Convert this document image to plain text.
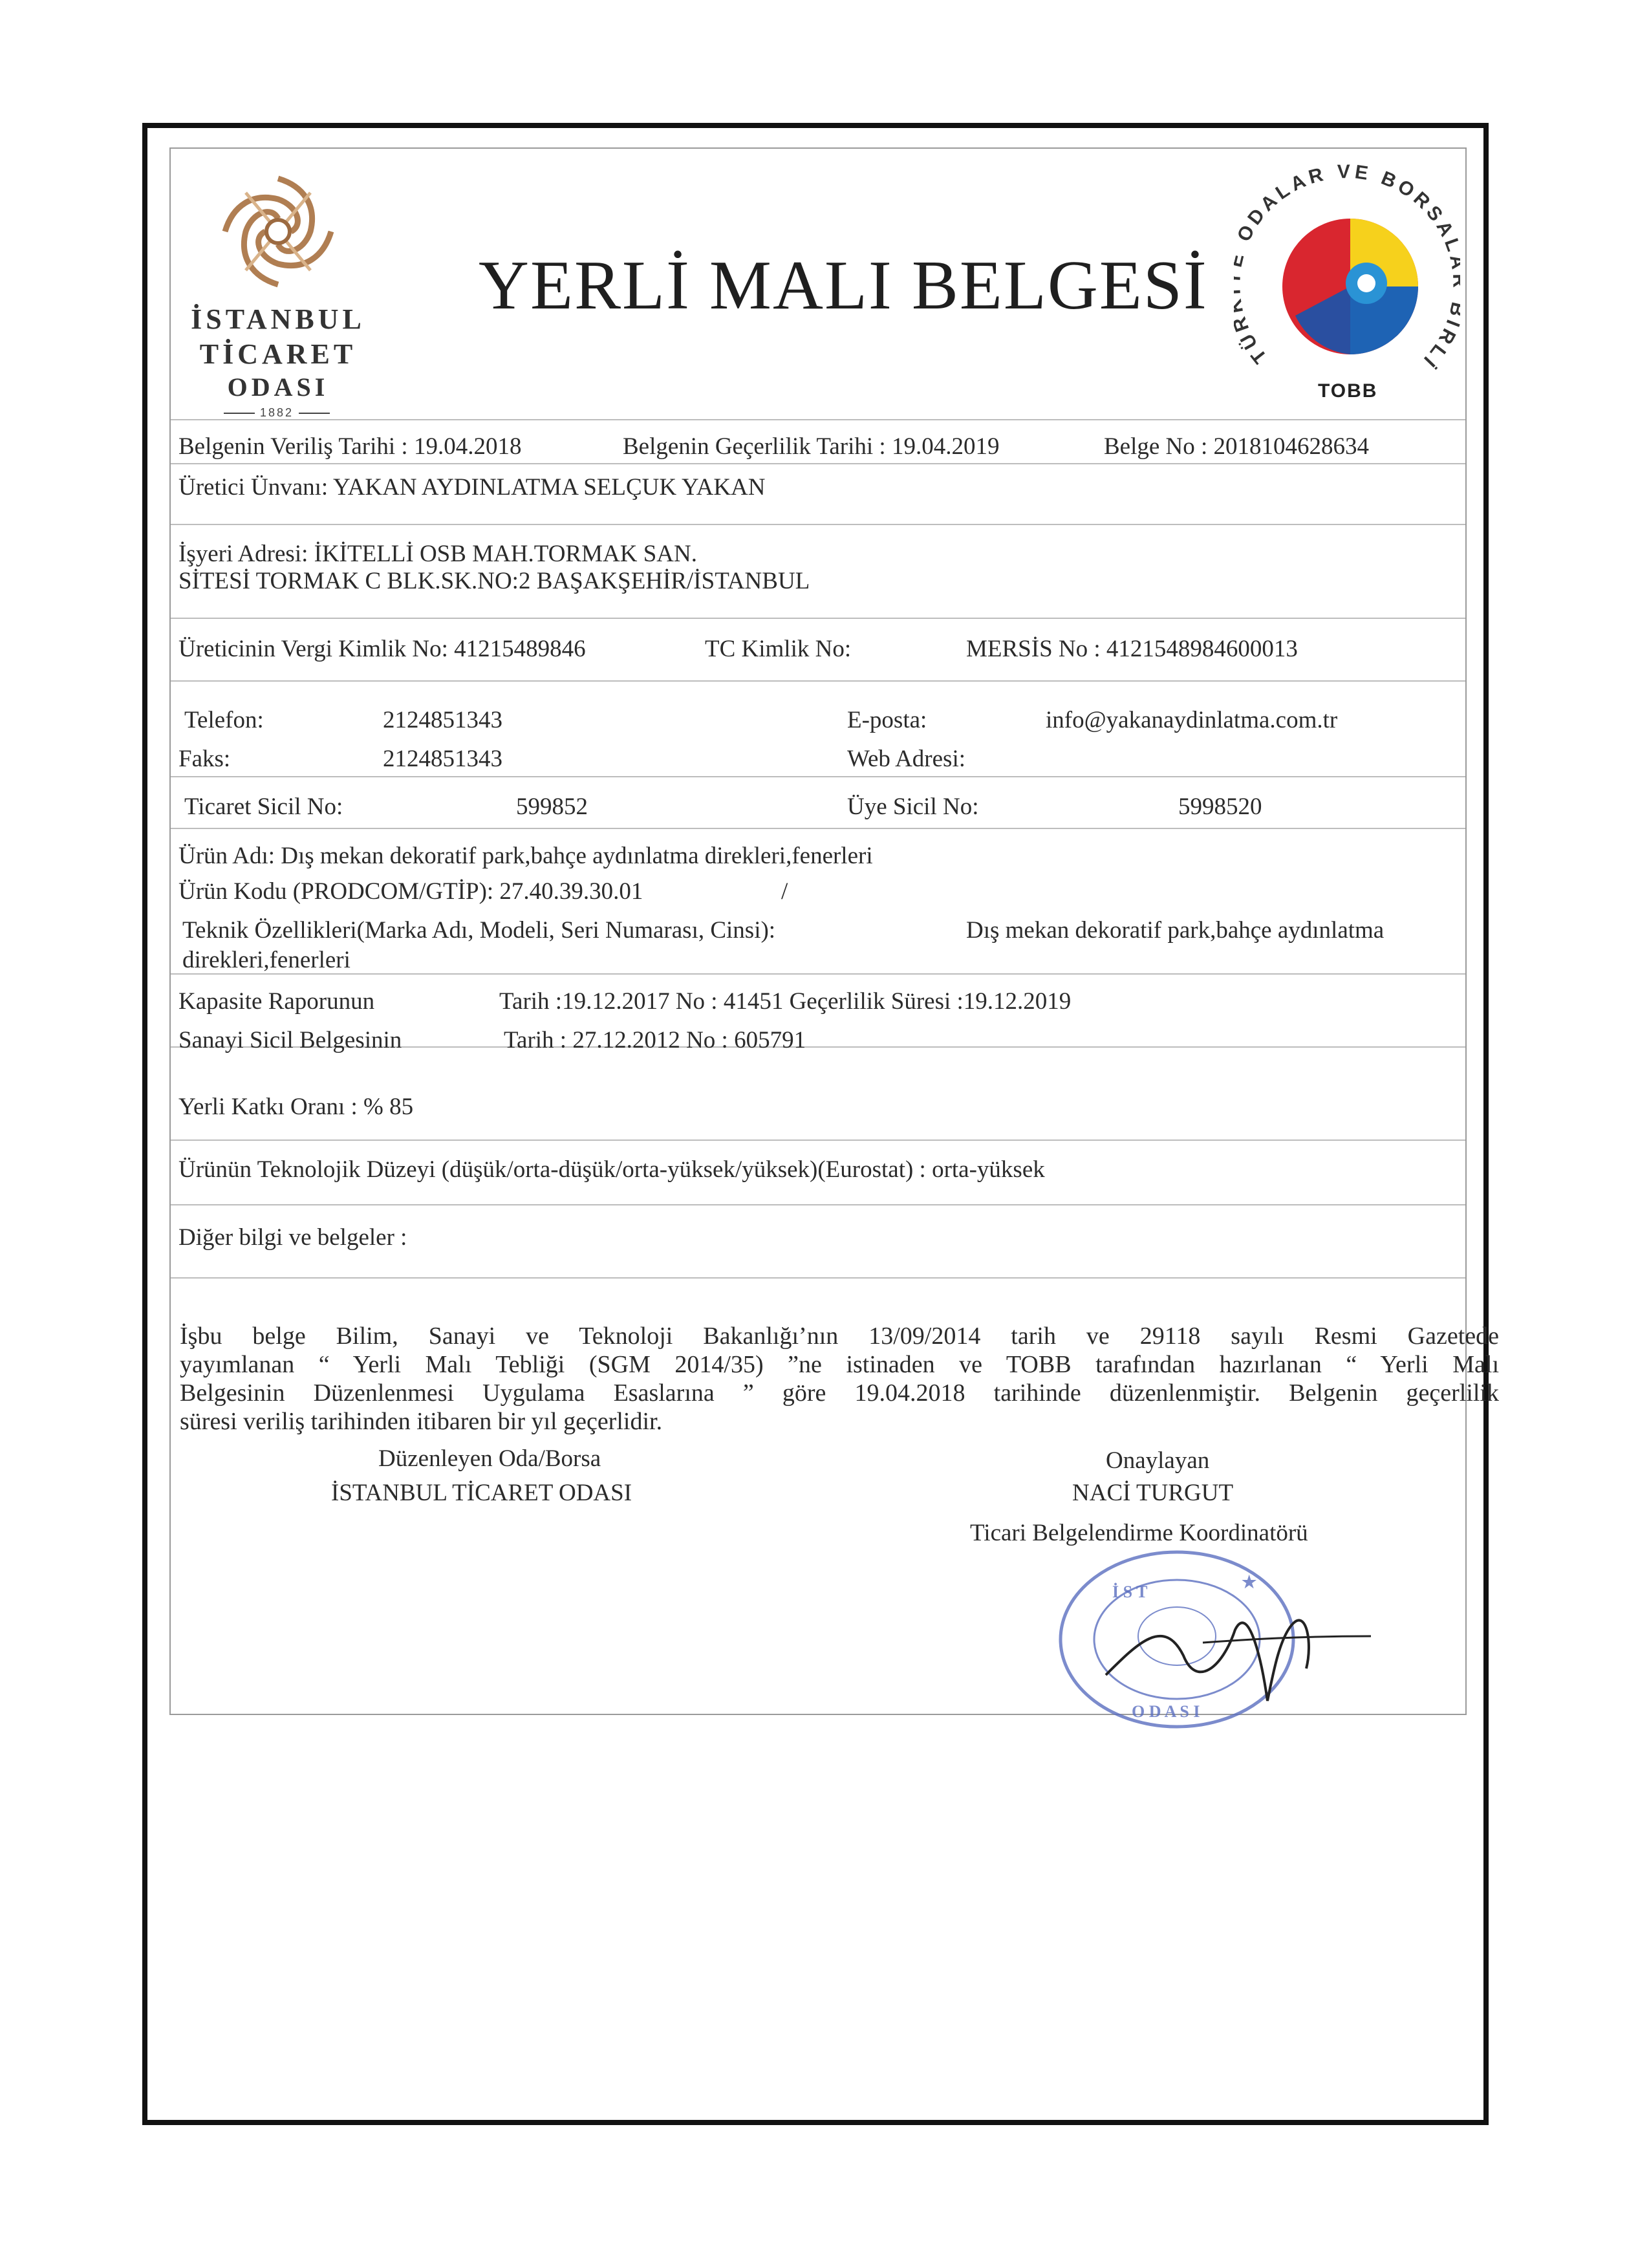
İSTANBUL
TİCARET
ODASI
1882
YERLİ MALI BELGESİ
TÜ ODALAR VE BORSA RLİ
TOBB
Belgenin Veriliş Tarihi : 19.04.2018	Belgenin Geçerlilik Tarihi : 19.04.2019	Belge No : 2018104628634
Üretici Ünvanı: YAKAN AYDINLATMA SELÇUK YAKAN
İşyeri Adresi: İKİTELLİ OSB MAH.TORMAK SAN.
SİTESİ TORMAK C BLK.SK.NO:2 BAŞAKŞEHİR/İSTANBUL
Üreticinin Vergi Kimlik No: 41215489846	TC Kimlik No:	MERSİS No : 4121548984600013
Telefon:	2124851343	E-posta:	info@yakanaydinlatma.com.tr
Faks:	2124851343	Web Adresi:
Ticaret Sicil No:	599852	Üye Sicil No:	5998520
Ürün Adı: Dış mekan dekoratif park,bahçe aydınlatma direkleri,fenerleri
Ürün Kodu (PRODCOM/GTİP): 27.40.39.30.01	/
Teknik Özellikleri(Marka Adı, Modeli, Seri Numarası, Cinsi):	Dış mekan dekoratif park,bahçe aydınlatma
direkleri,fenerleri
Kapasite Raporunun	Tarih :19.12.2017 No : 41451 Geçerlilik Süresi :19.12.2019
Sanayi Sicil Belgesinin	Tarih : 27.12.2012 No : 605791
Yerli Katkı Oranı : % 85
Ürünün Teknolojik Düzeyi (düşük/orta-düşük/orta-yüksek/yüksek)(Eurostat) : orta-yüksek
Diğer bilgi ve belgeler :
İşbu belge Bilim, Sanayi ve Teknoloji Bakanlığı’nın 13/09/2014 tarih ve 29118 sayılı Resmi Gazetede
yayımlanan “ Yerli Malı Tebliği (SGM 2014/35) ”ne istinaden ve TOBB tarafından hazırlanan “ Yerli Malı
Belgesinin Düzenlenmesi Uygulama Esaslarına ” göre 19.04.2018 tarihinde düzenlenmiştir. Belgenin geçerlilik
süresi veriliş tarihinden itibaren bir yıl geçerlidir.
Düzenleyen Oda/Borsa
İSTANBUL TİCARET ODASI
Onaylayan
NACİ TURGUT
Ticari Belgelendirme Koordinatörü
İ S T
O D A S I
★
